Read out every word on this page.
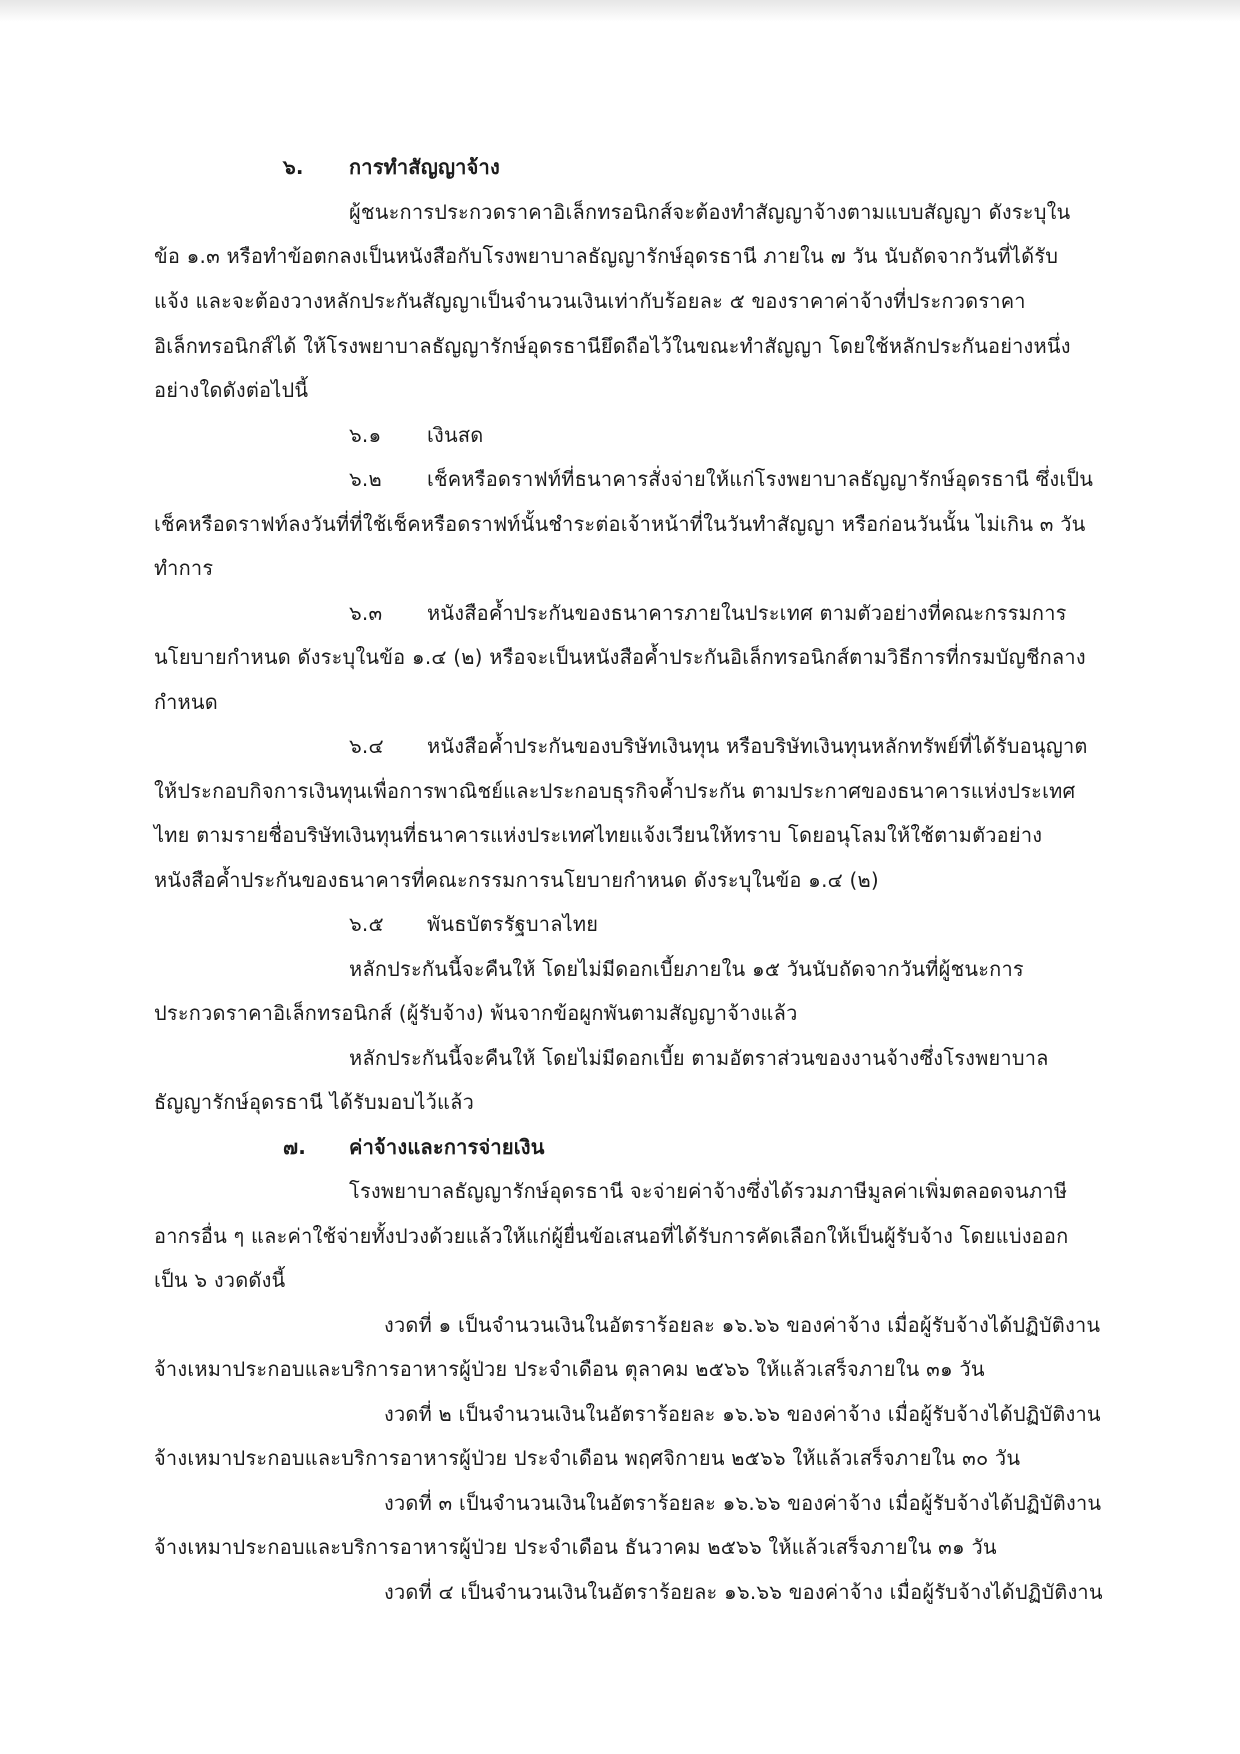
๖. การทำสัญญาจ้าง
ผู้ชนะการประกวดราคาอิเล็กทรอนิกส์จะต้องทำสัญญาจ้างตามแบบสัญญา ดังระบุใน
ข้อ ๑.๓ หรือทำข้อตกลงเป็นหนังสือกับโรงพยาบาลธัญญารักษ์อุดรธานี ภายใน ๗ วัน นับถัดจากวันที่ได้รับ
แจ้ง และจะต้องวางหลักประกันสัญญาเป็นจำนวนเงินเท่ากับร้อยละ ๕ ของราคาค่าจ้างที่ประกวดราคา
อิเล็กทรอนิกส์ได้ ให้โรงพยาบาลธัญญารักษ์อุดรธานียึดถือไว้ในขณะทำสัญญา โดยใช้หลักประกันอย่างหนึ่ง
อย่างใดดังต่อไปนี้
๖.๑ เงินสด
๖.๒ เช็คหรือดราฟท์ที่ธนาคารสั่งจ่ายให้แก่โรงพยาบาลธัญญารักษ์อุดรธานี ซึ่งเป็น
เช็คหรือดราฟท์ลงวันที่ที่ใช้เช็คหรือดราฟท์นั้นชำระต่อเจ้าหน้าที่ในวันทำสัญญา หรือก่อนวันนั้น ไม่เกิน ๓ วัน
ทำการ
๖.๓ หนังสือค้ำประกันของธนาคารภายในประเทศ ตามตัวอย่างที่คณะกรรมการ
นโยบายกำหนด ดังระบุในข้อ ๑.๔ (๒) หรือจะเป็นหนังสือค้ำประกันอิเล็กทรอนิกส์ตามวิธีการที่กรมบัญชีกลาง
กำหนด
๖.๔ หนังสือค้ำประกันของบริษัทเงินทุน หรือบริษัทเงินทุนหลักทรัพย์ที่ได้รับอนุญาต
ให้ประกอบกิจการเงินทุนเพื่อการพาณิชย์และประกอบธุรกิจค้ำประกัน ตามประกาศของธนาคารแห่งประเทศ
ไทย ตามรายชื่อบริษัทเงินทุนที่ธนาคารแห่งประเทศไทยแจ้งเวียนให้ทราบ โดยอนุโลมให้ใช้ตามตัวอย่าง
หนังสือค้ำประกันของธนาคารที่คณะกรรมการนโยบายกำหนด ดังระบุในข้อ ๑.๔ (๒)
๖.๕ พันธบัตรรัฐบาลไทย
หลักประกันนี้จะคืนให้ โดยไม่มีดอกเบี้ยภายใน ๑๕ วันนับถัดจากวันที่ผู้ชนะการ
ประกวดราคาอิเล็กทรอนิกส์ (ผู้รับจ้าง) พ้นจากข้อผูกพันตามสัญญาจ้างแล้ว
หลักประกันนี้จะคืนให้ โดยไม่มีดอกเบี้ย ตามอัตราส่วนของงานจ้างซึ่งโรงพยาบาล
ธัญญารักษ์อุดรธานี ได้รับมอบไว้แล้ว
๗. ค่าจ้างและการจ่ายเงิน
โรงพยาบาลธัญญารักษ์อุดรธานี จะจ่ายค่าจ้างซึ่งได้รวมภาษีมูลค่าเพิ่มตลอดจนภาษี
อากรอื่น ๆ และค่าใช้จ่ายทั้งปวงด้วยแล้วให้แก่ผู้ยื่นข้อเสนอที่ได้รับการคัดเลือกให้เป็นผู้รับจ้าง โดยแบ่งออก
เป็น ๖ งวดดังนี้
งวดที่ ๑ เป็นจำนวนเงินในอัตราร้อยละ ๑๖.๖๖ ของค่าจ้าง เมื่อผู้รับจ้างได้ปฏิบัติงาน
จ้างเหมาประกอบและบริการอาหารผู้ป่วย ประจำเดือน ตุลาคม ๒๕๖๖ ให้แล้วเสร็จภายใน ๓๑ วัน
งวดที่ ๒ เป็นจำนวนเงินในอัตราร้อยละ ๑๖.๖๖ ของค่าจ้าง เมื่อผู้รับจ้างได้ปฏิบัติงาน
จ้างเหมาประกอบและบริการอาหารผู้ป่วย ประจำเดือน พฤศจิกายน ๒๕๖๖ ให้แล้วเสร็จภายใน ๓๐ วัน
งวดที่ ๓ เป็นจำนวนเงินในอัตราร้อยละ ๑๖.๖๖ ของค่าจ้าง เมื่อผู้รับจ้างได้ปฏิบัติงาน
จ้างเหมาประกอบและบริการอาหารผู้ป่วย ประจำเดือน ธันวาคม ๒๕๖๖ ให้แล้วเสร็จภายใน ๓๑ วัน
งวดที่ ๔ เป็นจำนวนเงินในอัตราร้อยละ ๑๖.๖๖ ของค่าจ้าง เมื่อผู้รับจ้างได้ปฏิบัติงาน
